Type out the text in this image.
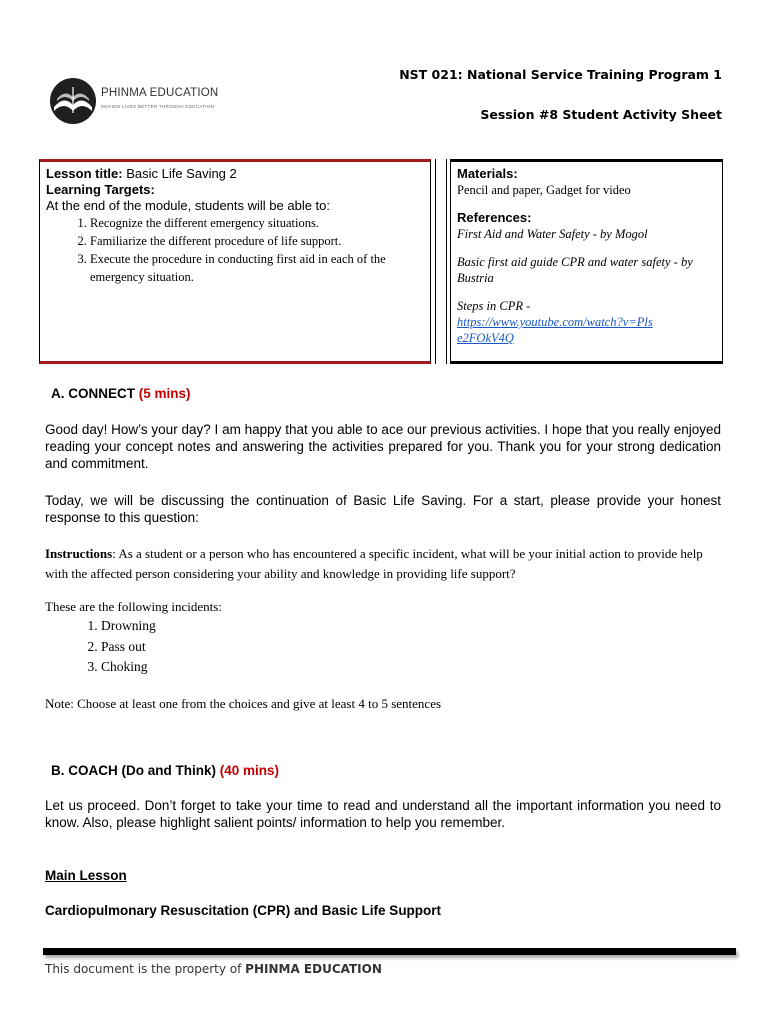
PHINMA EDUCATION
MAKING LIVES BETTER THROUGH EDUCATION
NST 021: National Service Training Program 1
Session #8 Student Activity Sheet
Lesson title: Basic Life Saving 2
Learning Targets:
At the end of the module, students will be able to:
1. Recognize the different emergency situations.
2. Familiarize the different procedure of life support.
3. Execute the procedure in conducting first aid in each of the emergency situation.
Materials:
Pencil and paper, Gadget for video
References:
First Aid and Water Safety - by Mogol
Basic first aid guide CPR and water safety - by Bustria
Steps in CPR -
https://www.youtube.com/watch?v=Plse2FOkV4Q
A. CONNECT (5 mins)
Good day! How’s your day? I am happy that you able to ace our previous activities. I hope that you really enjoyed reading your concept notes and answering the activities prepared for you. Thank you for your strong dedication and commitment.
Today, we will be discussing the continuation of Basic Life Saving. For a start, please provide your honest response to this question:
Instructions: As a student or a person who has encountered a specific incident, what will be your initial action to provide help with the affected person considering your ability and knowledge in providing life support?
These are the following incidents:
1. Drowning
2. Pass out
3. Choking
Note: Choose at least one from the choices and give at least 4 to 5 sentences
B. COACH (Do and Think) (40 mins)
Let us proceed. Don’t forget to take your time to read and understand all the important information you need to know. Also, please highlight salient points/ information to help you remember.
Main Lesson
Cardiopulmonary Resuscitation (CPR) and Basic Life Support
This document is the property of PHINMA EDUCATION
